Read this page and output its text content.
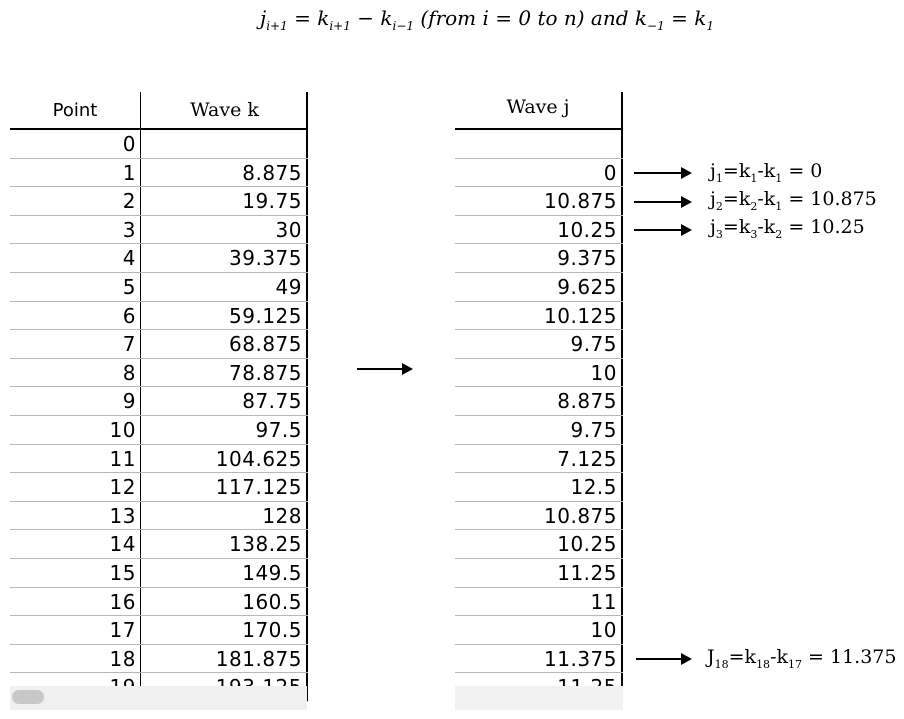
$j_{i+1} = k_{i+1} - k_{i-1}$ (from i = 0 to n) and $k_{-1} = k_1$
Point	Wave k
0
1	8.875
2	19.75
3	30
4	39.375
5	49
6	59.125
7	68.875
8	78.875
9	87.75
10	97.5
11	104.625
12	117.125
13	128
14	138.25
15	149.5
16	160.5
17	170.5
18	181.875
Wave j
0
10.875
10.25
9.375
9.625
10.125
9.75
10
8.875
9.75
7.125
12.5
10.875
10.25
11.25
11
10
11.375
$j_1=k_1-k_1 = 0$
$j_2=k_2-k_1 = 10.875$
$j_3=k_3-k_2 = 10.25$
$J_{18}=k_{18}-k_{17} = 11.375$
